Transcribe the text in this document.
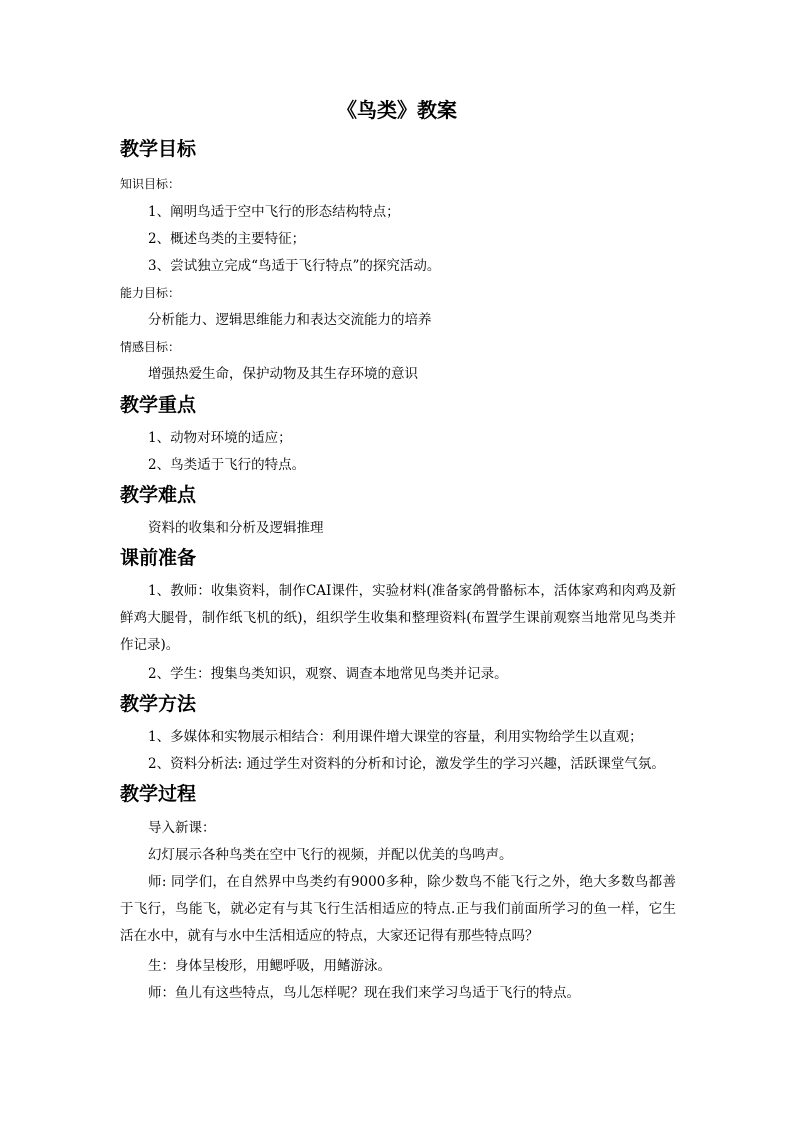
《鸟类》教案
教学目标
知识目标：
1、阐明鸟适于空中飞行的形态结构特点；
2、概述鸟类的主要特征；
3、尝试独立完成“鸟适于飞行特点”的探究活动。
能力目标：
分析能力、逻辑思维能力和表达交流能力的培养
情感目标：
增强热爱生命，保护动物及其生存环境的意识
教学重点
1、动物对环境的适应；
2、鸟类适于飞行的特点。
教学难点
资料的收集和分析及逻辑推理
课前准备
1、教师：收集资料，制作CAI课件，实验材料(准备家鸽骨骼标本，活体家鸡和肉鸡及新鲜鸡大腿骨，制作纸飞机的纸)，组织学生收集和整理资料(布置学生课前观察当地常见鸟类并作记录)。
2、学生：搜集鸟类知识，观察、调查本地常见鸟类并记录。
教学方法
1、多媒体和实物展示相结合：利用课件增大课堂的容量，利用实物给学生以直观；
2、资料分析法: 通过学生对资料的分析和讨论，激发学生的学习兴趣，活跃课堂气氛。
教学过程
导入新课：
幻灯展示各种鸟类在空中飞行的视频，并配以优美的鸟鸣声。
师: 同学们，在自然界中鸟类约有9000多种，除少数鸟不能飞行之外，绝大多数鸟都善于飞行，鸟能飞，就必定有与其飞行生活相适应的特点.正与我们前面所学习的鱼一样，它生活在水中，就有与水中生活相适应的特点，大家还记得有那些特点吗？
生：身体呈梭形，用鳃呼吸，用鳍游泳。
师：鱼儿有这些特点，鸟儿怎样呢？现在我们来学习鸟适于飞行的特点。
